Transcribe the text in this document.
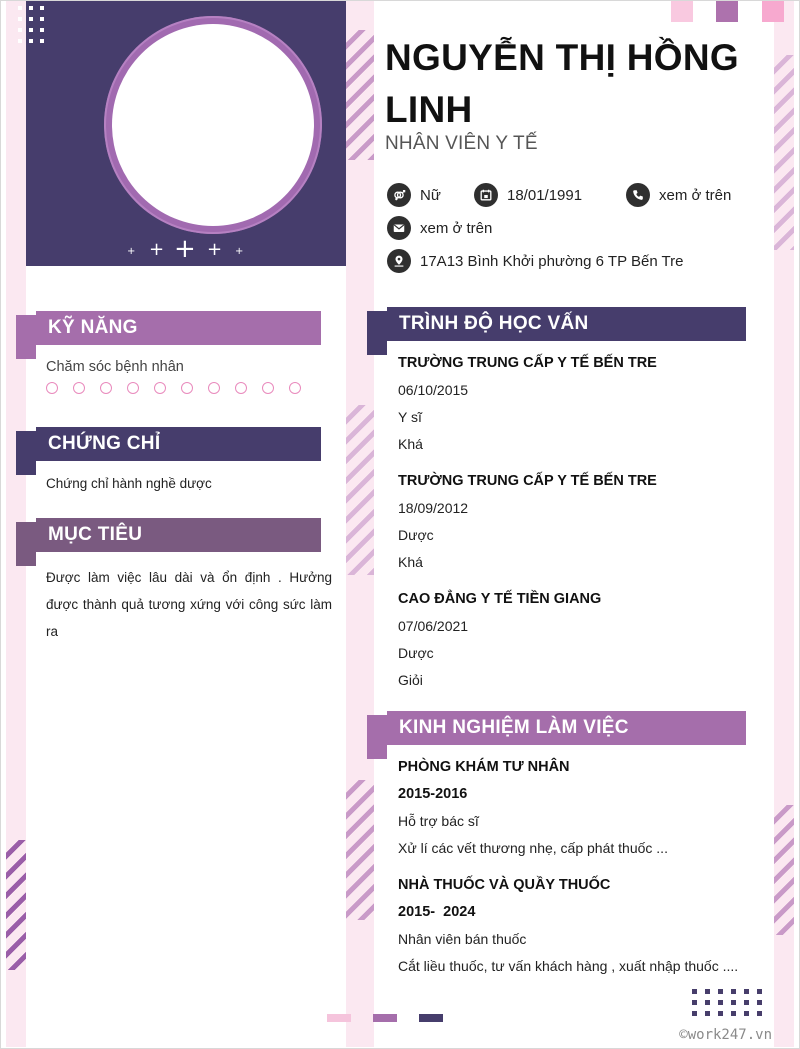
+ + + + +
NGUYỄN THỊ HỒNG LINH
NHÂN VIÊN Y TẾ
Nữ	18/01/1991	xem ở trên
xem ở trên
17A13 Bình Khởi phường 6 TP Bến Tre
KỸ NĂNG
Chăm sóc bệnh nhân
CHỨNG CHỈ
Chứng chỉ hành nghề dược
MỤC TIÊU
Được làm việc lâu dài và ổn định . Hưởng được thành quả tương xứng với công sức làm ra
TRÌNH ĐỘ HỌC VẤN
TRƯỜNG TRUNG CẤP Y TẾ BẾN TRE
06/10/2015
Y sĩ
Khá
TRƯỜNG TRUNG CẤP Y TẾ BẾN TRE
18/09/2012
Dược
Khá
CAO ĐẲNG Y TẾ TIỀN GIANG
07/06/2021
Dược
Giỏi
KINH NGHIỆM LÀM VIỆC
PHÒNG KHÁM TƯ NHÂN
2015-2016
Hỗ trợ bác sĩ
Xử lí các vết thương nhẹ, cấp phát thuốc ...
NHÀ THUỐC VÀ QUẦY THUỐC
2015-  2024
Nhân viên bán thuốc
Cắt liều thuốc, tư vấn khách hàng , xuất nhập thuốc ....
©work247.vn
